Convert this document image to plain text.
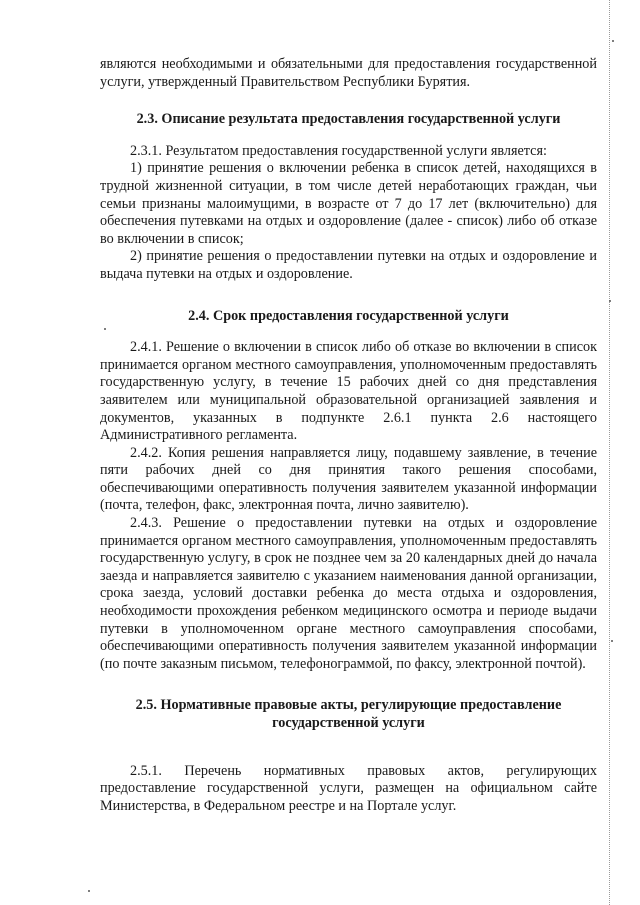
являются необходимыми и обязательными для предоставления государственной услуги, утвержденный Правительством Республики Бурятия.

2.3. Описание результата предоставления государственной услуги

2.3.1. Результатом предоставления государственной услуги является:

1) принятие решения о включении ребенка в список детей, находящихся в трудной жизненной ситуации, в том числе детей неработающих граждан, чьи семьи признаны малоимущими, в возрасте от 7 до 17 лет (включительно) для обеспечения путевками на отдых и оздоровление (далее - список) либо об отказе во включении в список;

2) принятие решения о предоставлении путевки на отдых и оздоровление и выдача путевки на отдых и оздоровление.

2.4. Срок предоставления государственной услуги

2.4.1. Решение о включении в список либо об отказе во включении в список принимается органом местного самоуправления, уполномоченным предоставлять государственную услугу, в течение 15 рабочих дней со дня представления заявителем или муниципальной образовательной организацией заявления и документов, указанных в подпункте 2.6.1 пункта 2.6 настоящего Административного регламента.

2.4.2. Копия решения направляется лицу, подавшему заявление, в течение пяти рабочих дней со дня принятия такого решения способами, обеспечивающими оперативность получения заявителем указанной информации (почта, телефон, факс, электронная почта, лично заявителю).

2.4.3. Решение о предоставлении путевки на отдых и оздоровление принимается органом местного самоуправления, уполномоченным предоставлять государственную услугу, в срок не позднее чем за 20 календарных дней до начала заезда и направляется заявителю с указанием наименования данной организации, срока заезда, условий доставки ребенка до места отдыха и оздоровления, необходимости прохождения ребенком медицинского осмотра и периоде выдачи путевки в уполномоченном органе местного самоуправления способами, обеспечивающими оперативность получения заявителем указанной информации (по почте заказным письмом, телефонограммой, по факсу, электронной почтой).

2.5. Нормативные правовые акты, регулирующие предоставление государственной услуги

2.5.1. Перечень нормативных правовых актов, регулирующих предоставление государственной услуги, размещен на официальном сайте Министерства, в Федеральном реестре и на Портале услуг.
